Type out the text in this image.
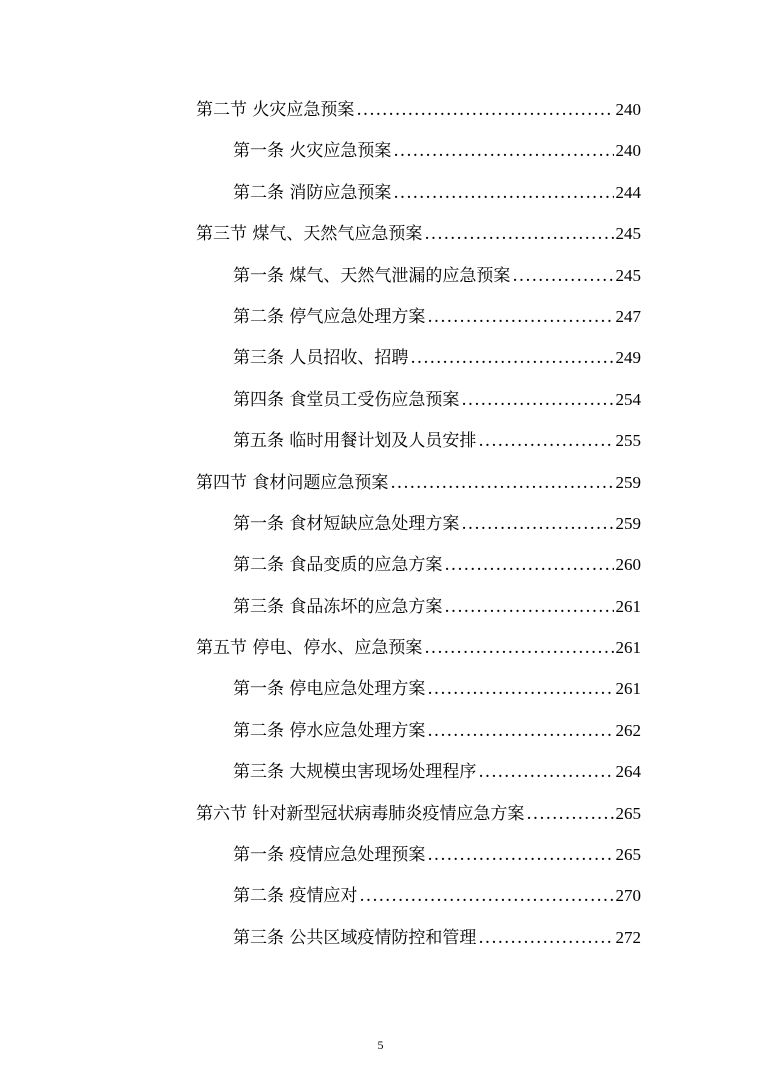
第二节 火灾应急预案 .....	240
第一条 火灾应急预案 .....	240
第二条 消防应急预案 .....	244
第三节 煤气、天然气应急预案 .....	245
第一条 煤气、天然气泄漏的应急预案 .....	245
第二条 停气应急处理方案 .....	247
第三条 人员招收、招聘 .....	249
第四条 食堂员工受伤应急预案 .....	254
第五条 临时用餐计划及人员安排 .....	255
第四节 食材问题应急预案 .....	259
第一条 食材短缺应急处理方案 .....	259
第二条 食品变质的应急方案 .....	260
第三条 食品冻坏的应急方案 .....	261
第五节 停电、停水、应急预案 .....	261
第一条 停电应急处理方案 .....	261
第二条 停水应急处理方案 .....	262
第三条 大规模虫害现场处理程序 .....	264
第六节 针对新型冠状病毒肺炎疫情应急方案 .....	265
第一条 疫情应急处理预案 .....	265
第二条 疫情应对 .....	270
第三条 公共区域疫情防控和管理 .....	272
5
